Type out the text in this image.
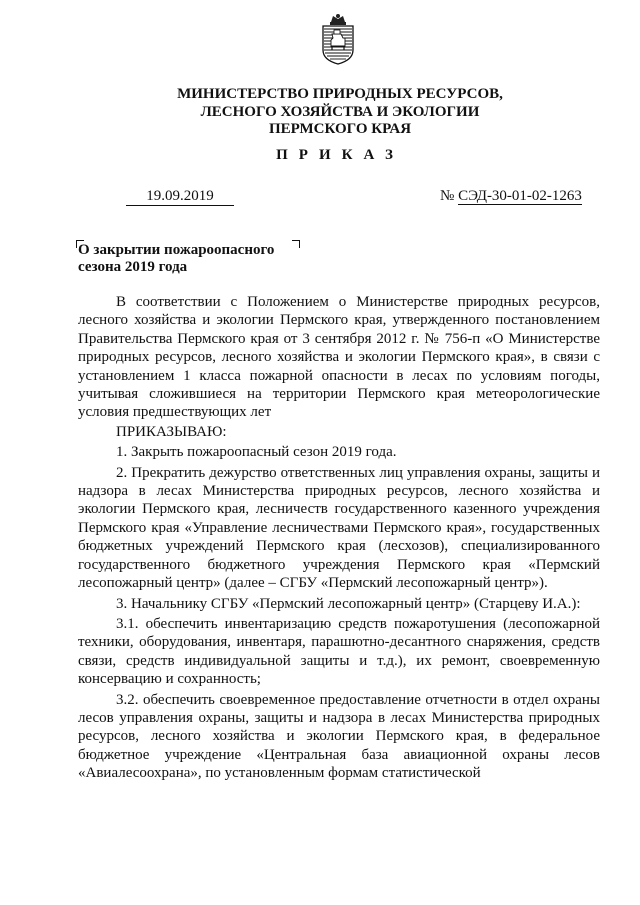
МИНИСТЕРСТВО ПРИРОДНЫХ РЕСУРСОВ,
ЛЕСНОГО ХОЗЯЙСТВА И ЭКОЛОГИИ
ПЕРМСКОГО КРАЯ
ПРИКАЗ
19.09.2019	№ СЭД-30-01-02-1263
О закрытии пожароопасного
сезона 2019 года

В соответствии с Положением о Министерстве природных ресурсов, лесного хозяйства и экологии Пермского края, утвержденного постановлением Правительства Пермского края от 3 сентября 2012 г. № 756-п «О Министерстве природных ресурсов, лесного хозяйства и экологии Пермского края», в связи с установлением 1 класса пожарной опасности в лесах по условиям погоды, учитывая сложившиеся на территории Пермского края метеорологические условия предшествующих лет

ПРИКАЗЫВАЮ:

1. Закрыть пожароопасный сезон 2019 года.

2. Прекратить дежурство ответственных лиц управления охраны, защиты и надзора в лесах Министерства природных ресурсов, лесного хозяйства и экологии Пермского края, лесничеств государственного казенного учреждения Пермского края «Управление лесничествами Пермского края», государственных бюджетных учреждений Пермского края (лесхозов), специализированного государственного бюджетного учреждения Пермского края «Пермский лесопожарный центр» (далее – СГБУ «Пермский лесопожарный центр»).

3. Начальнику СГБУ «Пермский лесопожарный центр» (Старцеву И.А.):

3.1. обеспечить инвентаризацию средств пожаротушения (лесопожарной техники, оборудования, инвентаря, парашютно-десантного снаряжения, средств связи, средств индивидуальной защиты и т.д.), их ремонт, своевременную консервацию и сохранность;

3.2. обеспечить своевременное предоставление отчетности в отдел охраны лесов управления охраны, защиты и надзора в лесах Министерства природных ресурсов, лесного хозяйства и экологии Пермского края, в федеральное бюджетное учреждение «Центральная база авиационной охраны лесов «Авиалесоохрана», по установленным формам статистической
